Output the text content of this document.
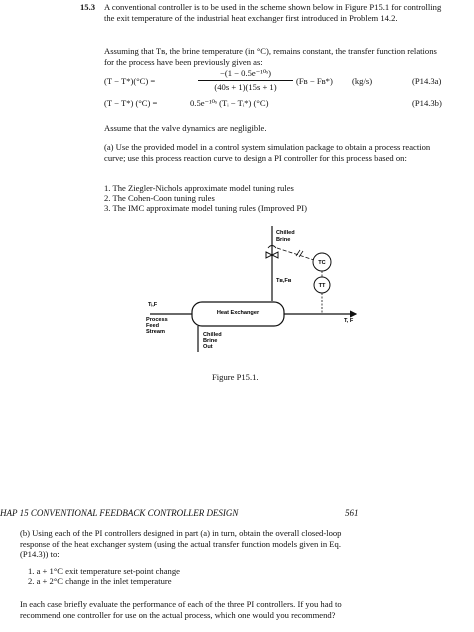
15.3 A conventional controller is to be used in the scheme shown below in Figure P15.1 for controlling the exit temperature of the industrial heat exchanger first introduced in Problem 14.2.
Assuming that Tʙ, the brine temperature (in °C), remains constant, the transfer function relations for the process have been previously given as:
(T − T*)(°C) =
−(1 − 0.5e⁻¹⁰ˢ)
(40s + 1)(15s + 1)
(Fʙ − Fʙ*) (kg/s)	(P14.3a)
(T − T*) (°C) =	0.5e⁻¹⁰ˢ (Tᵢ − Tᵢ*) (°C)	(P14.3b)
Assume that the valve dynamics are negligible.
(a) Use the provided model in a control system simulation package to obtain a process reaction curve; use this process reaction curve to design a PI controller for this process based on:
1. The Ziegler-Nichols approximate model tuning rules
2. The Cohen-Coon tuning rules
3. The IMC approximate model tuning rules (Improved PI)
Chilled
Brine
TC
TT
Tʙ,Fʙ
Heat Exchanger
Tᵢ,F
Process
Feed
Stream
T, F
Chilled
Brine
Out
Figure P15.1.
HAP 15 CONVENTIONAL FEEDBACK CONTROLLER DESIGN	561
(b) Using each of the PI controllers designed in part (a) in turn, obtain the overall closed-loop response of the heat exchanger system (using the actual transfer function models given in Eq. (P14.3)) to:
1. a + 1°C exit temperature set-point change
2. a + 2°C change in the inlet temperature
In each case briefly evaluate the performance of each of the three PI controllers. If you had to recommend one controller for use on the actual process, which one would you recommend?
